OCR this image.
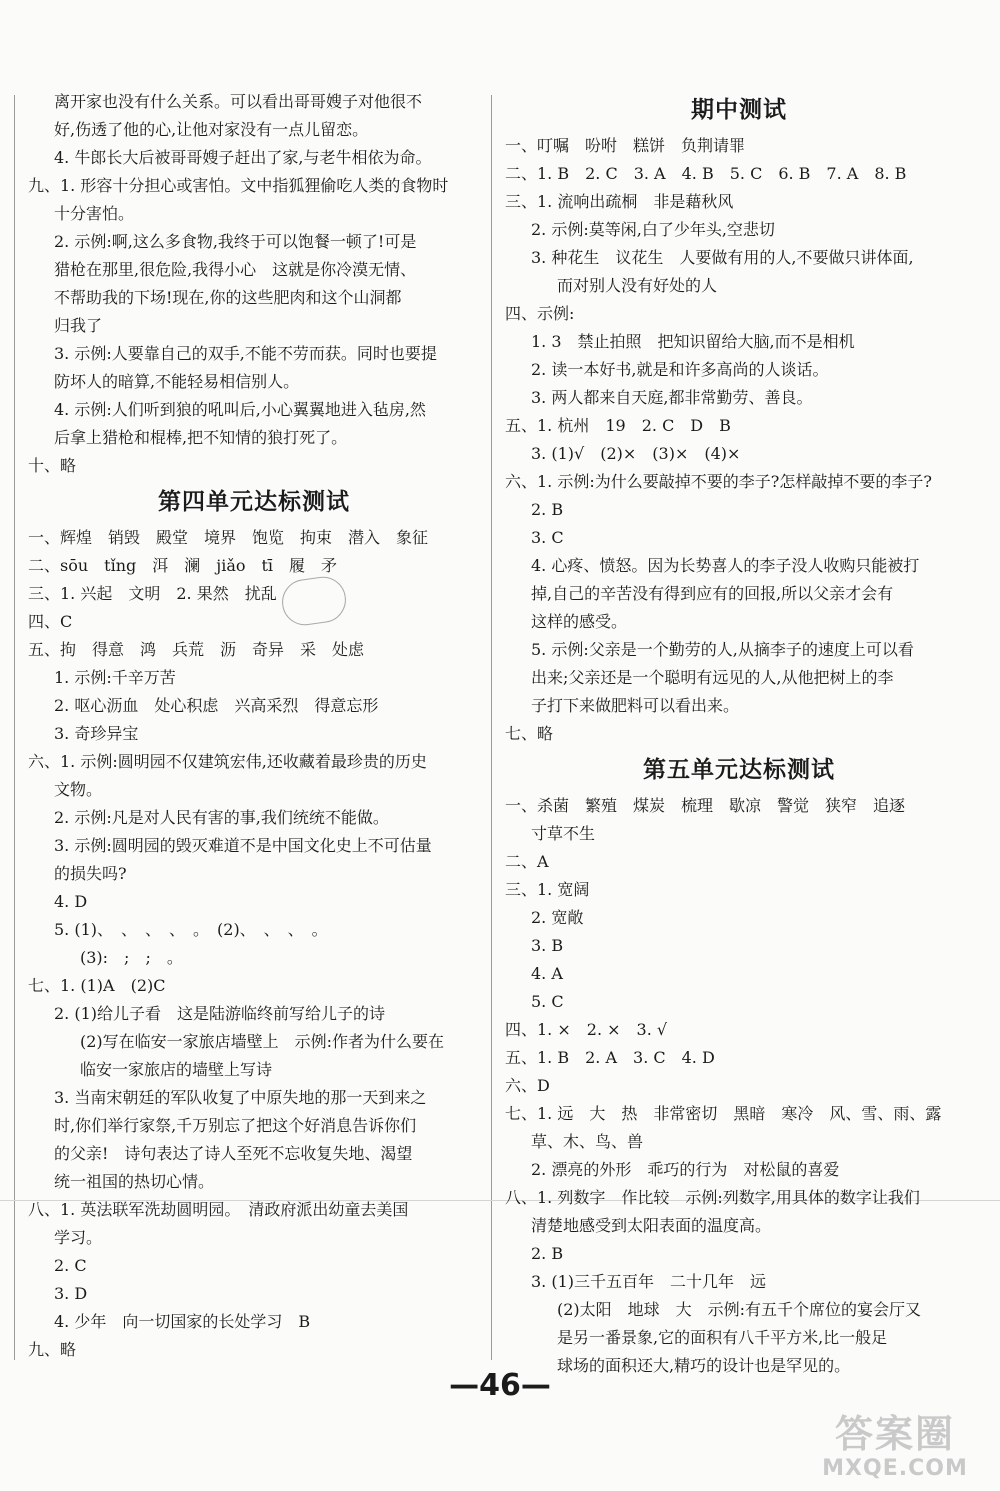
离开家也没有什么关系。可以看出哥哥嫂子对他很不
好,伤透了他的心,让他对家没有一点儿留恋。
4. 牛郎长大后被哥哥嫂子赶出了家,与老牛相依为命。
九、1. 形容十分担心或害怕。文中指狐狸偷吃人类的食物时
十分害怕。
2. 示例:啊,这么多食物,我终于可以饱餐一顿了!可是
猎枪在那里,很危险,我得小心　这就是你冷漠无情、
不帮助我的下场!现在,你的这些肥肉和这个山洞都
归我了
3. 示例:人要靠自己的双手,不能不劳而获。同时也要提
防坏人的暗算,不能轻易相信别人。
4. 示例:人们听到狼的吼叫后,小心翼翼地进入毡房,然
后拿上猎枪和棍棒,把不知情的狼打死了。
十、略
第四单元达标测试
一、辉煌　销毁　殿堂　境界　饱览　拘束　潜入　象征
二、sōu　tǐng　洱　澜　jiǎo　tī　履　矛
三、1. 兴起　文明　2. 果然　扰乱
四、C
五、拘　得意　鸿　兵荒　沥　奇异　采　处虑
1. 示例:千辛万苦
2. 呕心沥血　处心积虑　兴高采烈　得意忘形
3. 奇珍异宝
六、1. 示例:圆明园不仅建筑宏伟,还收藏着最珍贵的历史
文物。
2. 示例:凡是对人民有害的事,我们统统不能做。
3. 示例:圆明园的毁灭难道不是中国文化史上不可估量
的损失吗?
4. D
5. (1)、　、　、　、　。　(2)、　、　、　。
(3):　;　;　。
七、1. (1)A　(2)C
2. (1)给儿子看　这是陆游临终前写给儿子的诗
(2)写在临安一家旅店墙壁上　示例:作者为什么要在
临安一家旅店的墙壁上写诗
3. 当南宋朝廷的军队收复了中原失地的那一天到来之
时,你们举行家祭,千万别忘了把这个好消息告诉你们
的父亲!　诗句表达了诗人至死不忘收复失地、渴望
统一祖国的热切心情。
八、1. 英法联军洗劫圆明园。　清政府派出幼童去美国
学习。
2. C
3. D
4. 少年　向一切国家的长处学习　B
九、略
期中测试
一、叮嘱　吩咐　糕饼　负荆请罪
二、1. B　2. C　3. A　4. B　5. C　6. B　7. A　8. B
三、1. 流响出疏桐　非是藉秋风
2. 示例:莫等闲,白了少年头,空悲切
3. 种花生　议花生　人要做有用的人,不要做只讲体面,
而对别人没有好处的人
四、示例:
1. 3　禁止拍照　把知识留给大脑,而不是相机
2. 读一本好书,就是和许多高尚的人谈话。
3. 两人都来自天庭,都非常勤劳、善良。
五、1. 杭州　19　2. C　D　B
3. (1)√　(2)×　(3)×　(4)×
六、1. 示例:为什么要敲掉不要的李子?怎样敲掉不要的李子?
2. B
3. C
4. 心疼、愤怒。因为长势喜人的李子没人收购只能被打
掉,自己的辛苦没有得到应有的回报,所以父亲才会有
这样的感受。
5. 示例:父亲是一个勤劳的人,从摘李子的速度上可以看
出来;父亲还是一个聪明有远见的人,从他把树上的李
子打下来做肥料可以看出来。
七、略
第五单元达标测试
一、杀菌　繁殖　煤炭　梳理　歇凉　警觉　狭窄　追逐
寸草不生
二、A
三、1. 宽阔
2. 宽敞
3. B
4. A
5. C
四、1. ×　2. ×　3. √
五、1. B　2. A　3. C　4. D
六、D
七、1. 远　大　热　非常密切　黑暗　寒冷　风、雪、雨、露
草、木、鸟、兽
2. 漂亮的外形　乖巧的行为　对松鼠的喜爱
八、1. 列数字　作比较　示例:列数字,用具体的数字让我们
清楚地感受到太阳表面的温度高。
2. B
3. (1)三千五百年　二十几年　远
(2)太阳　地球　大　示例:有五千个席位的宴会厅又
是另一番景象,它的面积有八千平方米,比一般足
球场的面积还大,精巧的设计也是罕见的。
—46—
答案圈
MXQE.COM
